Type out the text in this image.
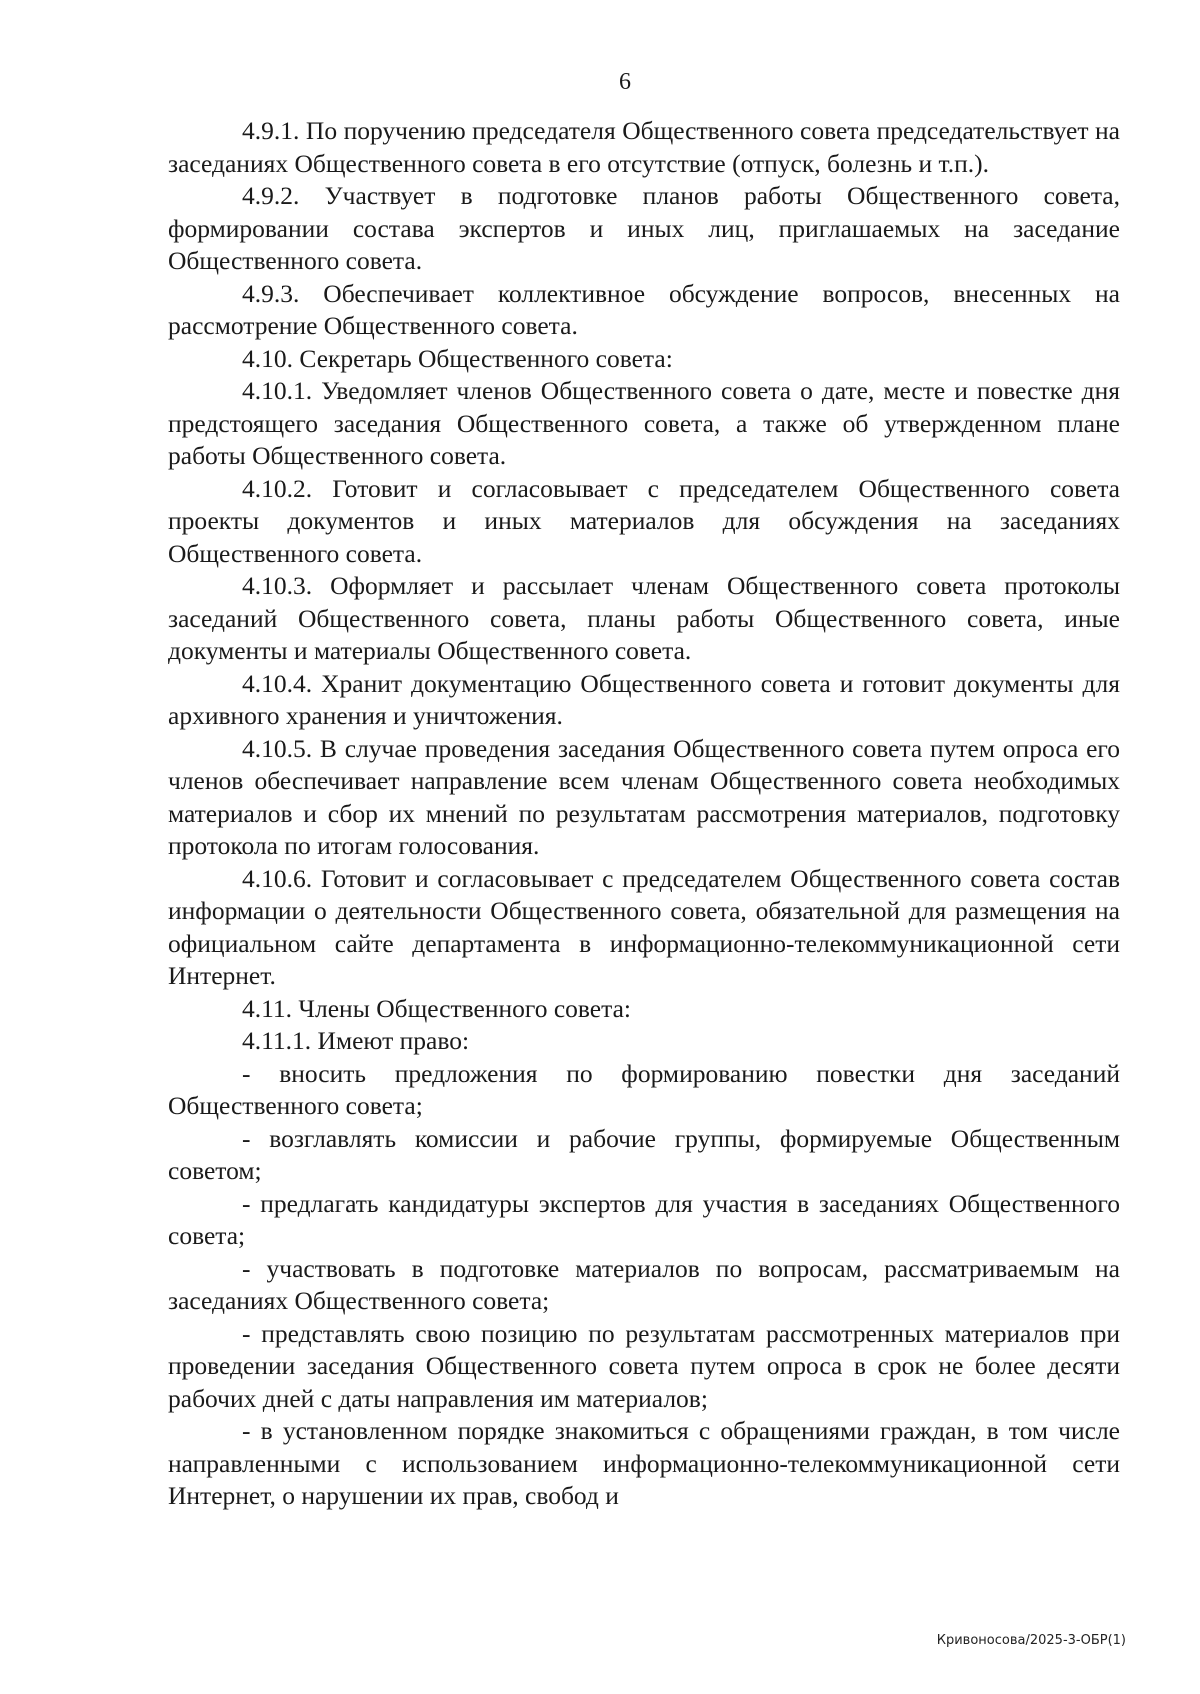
6

4.9.1. По поручению председателя Общественного совета председательствует на заседаниях Общественного совета в его отсутствие (отпуск, болезнь и т.п.).

4.9.2. Участвует в подготовке планов работы Общественного совета, формировании состава экспертов и иных лиц, приглашаемых на заседание Общественного совета.

4.9.3. Обеспечивает коллективное обсуждение вопросов, внесенных на рассмотрение Общественного совета.

4.10. Секретарь Общественного совета:

4.10.1. Уведомляет членов Общественного совета о дате, месте и повестке дня предстоящего заседания Общественного совета, а также об утвержденном плане работы Общественного совета.

4.10.2. Готовит и согласовывает с председателем Общественного совета проекты документов и иных материалов для обсуждения на заседаниях Общественного совета.

4.10.3. Оформляет и рассылает членам Общественного совета протоколы заседаний Общественного совета, планы работы Общественного совета, иные документы и материалы Общественного совета.

4.10.4. Хранит документацию Общественного совета и готовит документы для архивного хранения и уничтожения.

4.10.5. В случае проведения заседания Общественного совета путем опроса его членов обеспечивает направление всем членам Общественного совета необходимых материалов и сбор их мнений по результатам рассмотрения материалов, подготовку протокола по итогам голосования.

4.10.6. Готовит и согласовывает с председателем Общественного совета состав информации о деятельности Общественного совета, обязательной для размещения на официальном сайте департамента в информационно-телекоммуникационной сети Интернет.

4.11. Члены Общественного совета:

4.11.1. Имеют право:

- вносить предложения по формированию повестки дня заседаний Общественного совета;

- возглавлять комиссии и рабочие группы, формируемые Общественным советом;

- предлагать кандидатуры экспертов для участия в заседаниях Общественного совета;

- участвовать в подготовке материалов по вопросам, рассматриваемым на заседаниях Общественного совета;

- представлять свою позицию по результатам рассмотренных материалов при проведении заседания Общественного совета путем опроса в срок не более десяти рабочих дней с даты направления им материалов;

- в установленном порядке знакомиться с обращениями граждан, в том числе направленными с использованием информационно-телекоммуникационной сети Интернет, о нарушении их прав, свобод и

Кривоносова/2025-3-ОБР(1)
